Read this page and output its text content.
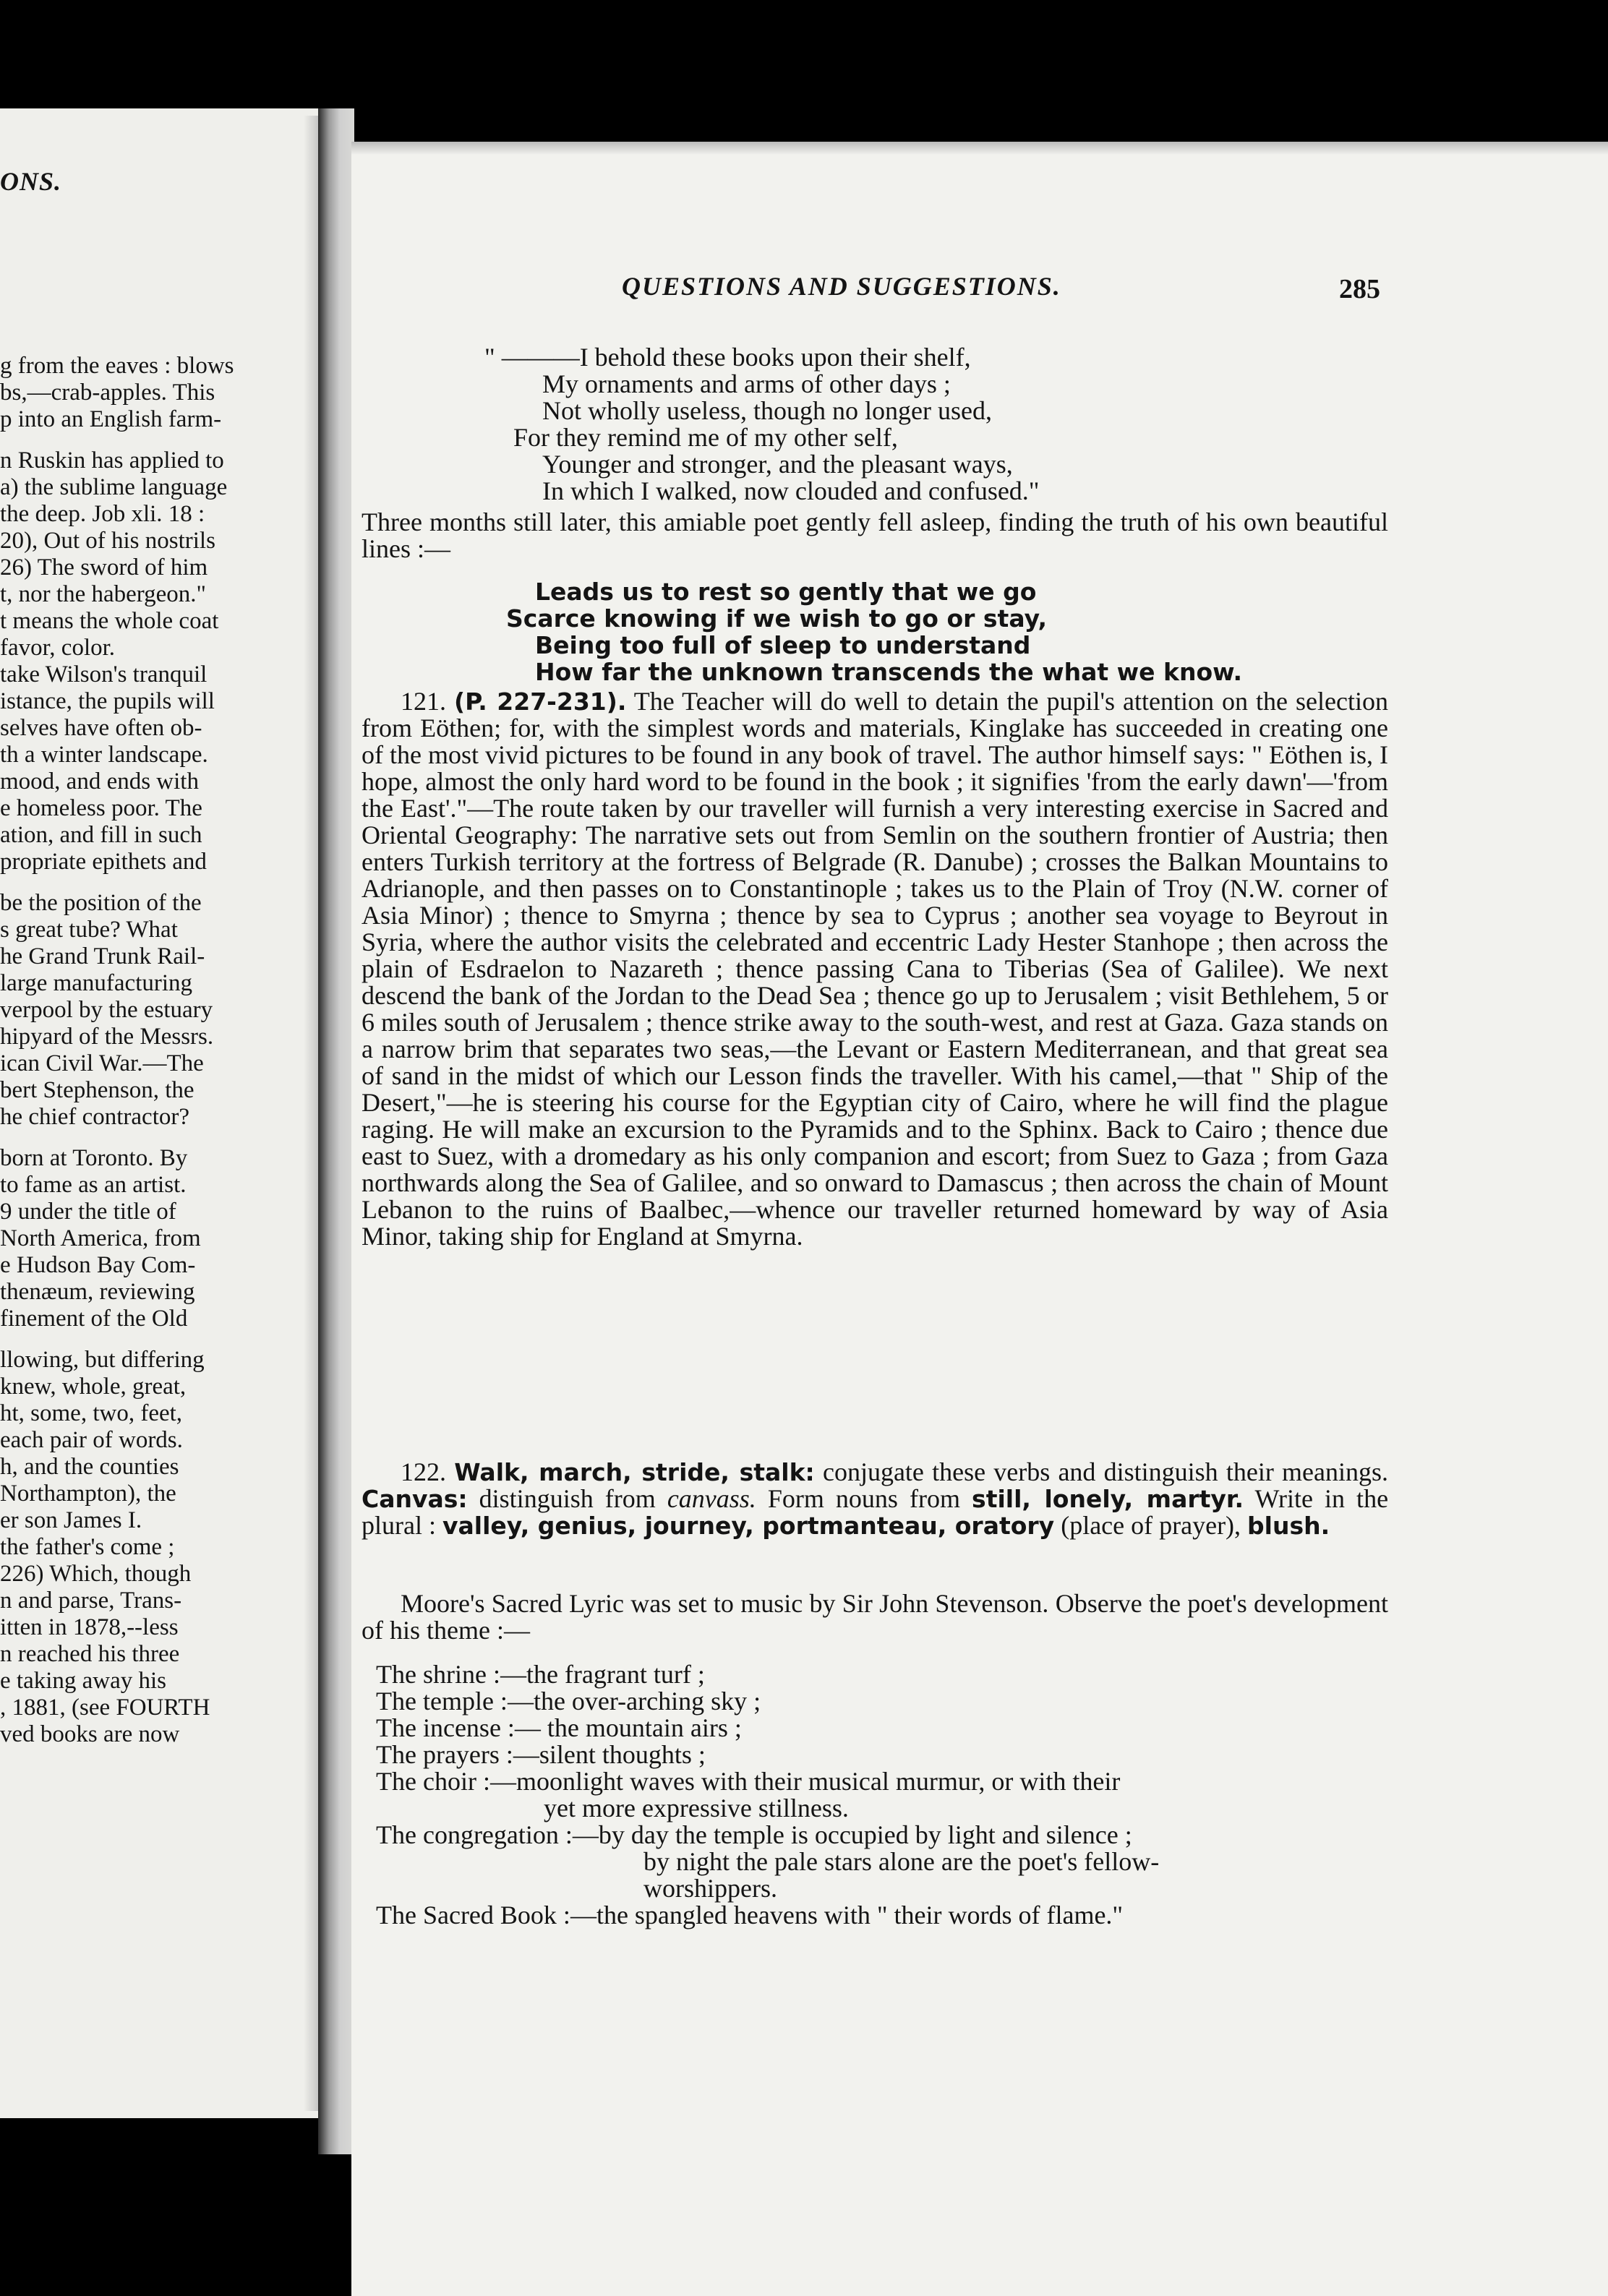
ONS.
g from the eaves : blows
bs,—crab-apples. This
p into an English farm-
n Ruskin has applied to
a) the sublime language
the deep. Job xli. 18 :
20), Out of his nostrils
26) The sword of him
t, nor the habergeon."
t means the whole coat
favor, color.
take Wilson's tranquil
istance, the pupils will
selves have often ob-
th a winter landscape.
mood, and ends with
e homeless poor. The
ation, and fill in such
propriate epithets and
be the position of the
s great tube? What
he Grand Trunk Rail-
large manufacturing
verpool by the estuary
hipyard of the Messrs.
ican Civil War.—The
bert Stephenson, the
he chief contractor?
born at Toronto. By
to fame as an artist.
9 under the title of
North America, from
e Hudson Bay Com-
thenæum, reviewing
finement of the Old
llowing, but differing
knew, whole, great,
ht, some, two, feet,
each pair of words.
h, and the counties
Northampton), the
er son James I.
the father's come ;
226) Which, though
n and parse, Trans-
itten in 1878,--less
n reached his three
e taking away his
, 1881, (see FOURTH
ved books are now
QUESTIONS AND SUGGESTIONS.	285
" ———I behold these books upon their shelf,
My ornaments and arms of other days ;
Not wholly useless, though no longer used,
For they remind me of my other self,
Younger and stronger, and the pleasant ways,
In which I walked, now clouded and confused."
Three months still later, this amiable poet gently fell asleep, finding the truth of his own beautiful lines :—
Leads us to rest so gently that we go
Scarce knowing if we wish to go or stay,
Being too full of sleep to understand
How far the unknown transcends the what we know.
121. (P. 227-231). The Teacher will do well to detain the pupil's attention on the selection from Eöthen; for, with the simplest words and materials, Kinglake has succeeded in creating one of the most vivid pictures to be found in any book of travel. The author himself says: " Eöthen is, I hope, almost the only hard word to be found in the book ; it signifies 'from the early dawn'—'from the East'."—The route taken by our traveller will furnish a very interesting exercise in Sacred and Oriental Geography: The narrative sets out from Semlin on the southern frontier of Austria; then enters Turkish territory at the fortress of Belgrade (R. Danube) ; crosses the Balkan Mountains to Adrianople, and then passes on to Constantinople ; takes us to the Plain of Troy (N.W. corner of Asia Minor) ; thence to Smyrna ; thence by sea to Cyprus ; another sea voyage to Beyrout in Syria, where the author visits the celebrated and eccentric Lady Hester Stanhope ; then across the plain of Esdraelon to Nazareth ; thence passing Cana to Tiberias (Sea of Galilee). We next descend the bank of the Jordan to the Dead Sea ; thence go up to Jerusalem ; visit Bethlehem, 5 or 6 miles south of Jerusalem ; thence strike away to the south-west, and rest at Gaza. Gaza stands on a narrow brim that separates two seas,—the Levant or Eastern Mediterranean, and that great sea of sand in the midst of which our Lesson finds the traveller. With his camel,—that " Ship of the Desert,"—he is steering his course for the Egyptian city of Cairo, where he will find the plague raging. He will make an excursion to the Pyramids and to the Sphinx. Back to Cairo ; thence due east to Suez, with a dromedary as his only companion and escort; from Suez to Gaza ; from Gaza northwards along the Sea of Galilee, and so onward to Damascus ; then across the chain of Mount Lebanon to the ruins of Baalbec,—whence our traveller returned homeward by way of Asia Minor, taking ship for England at Smyrna.
122. Walk, march, stride, stalk: conjugate these verbs and distinguish their meanings. Canvas: distinguish from canvass. Form nouns from still, lonely, martyr. Write in the plural : valley, genius, journey, portmanteau, oratory (place of prayer), blush.
Moore's Sacred Lyric was set to music by Sir John Stevenson. Observe the poet's development of his theme :—
The shrine :—the fragrant turf ;
The temple :—the over-arching sky ;
The incense :— the mountain airs ;
The prayers :—silent thoughts ;
The choir :—moonlight waves with their musical murmur, or with their
yet more expressive stillness.
The congregation :—by day the temple is occupied by light and silence ;
by night the pale stars alone are the poet's fellow-
worshippers.
The Sacred Book :—the spangled heavens with " their words of flame."
